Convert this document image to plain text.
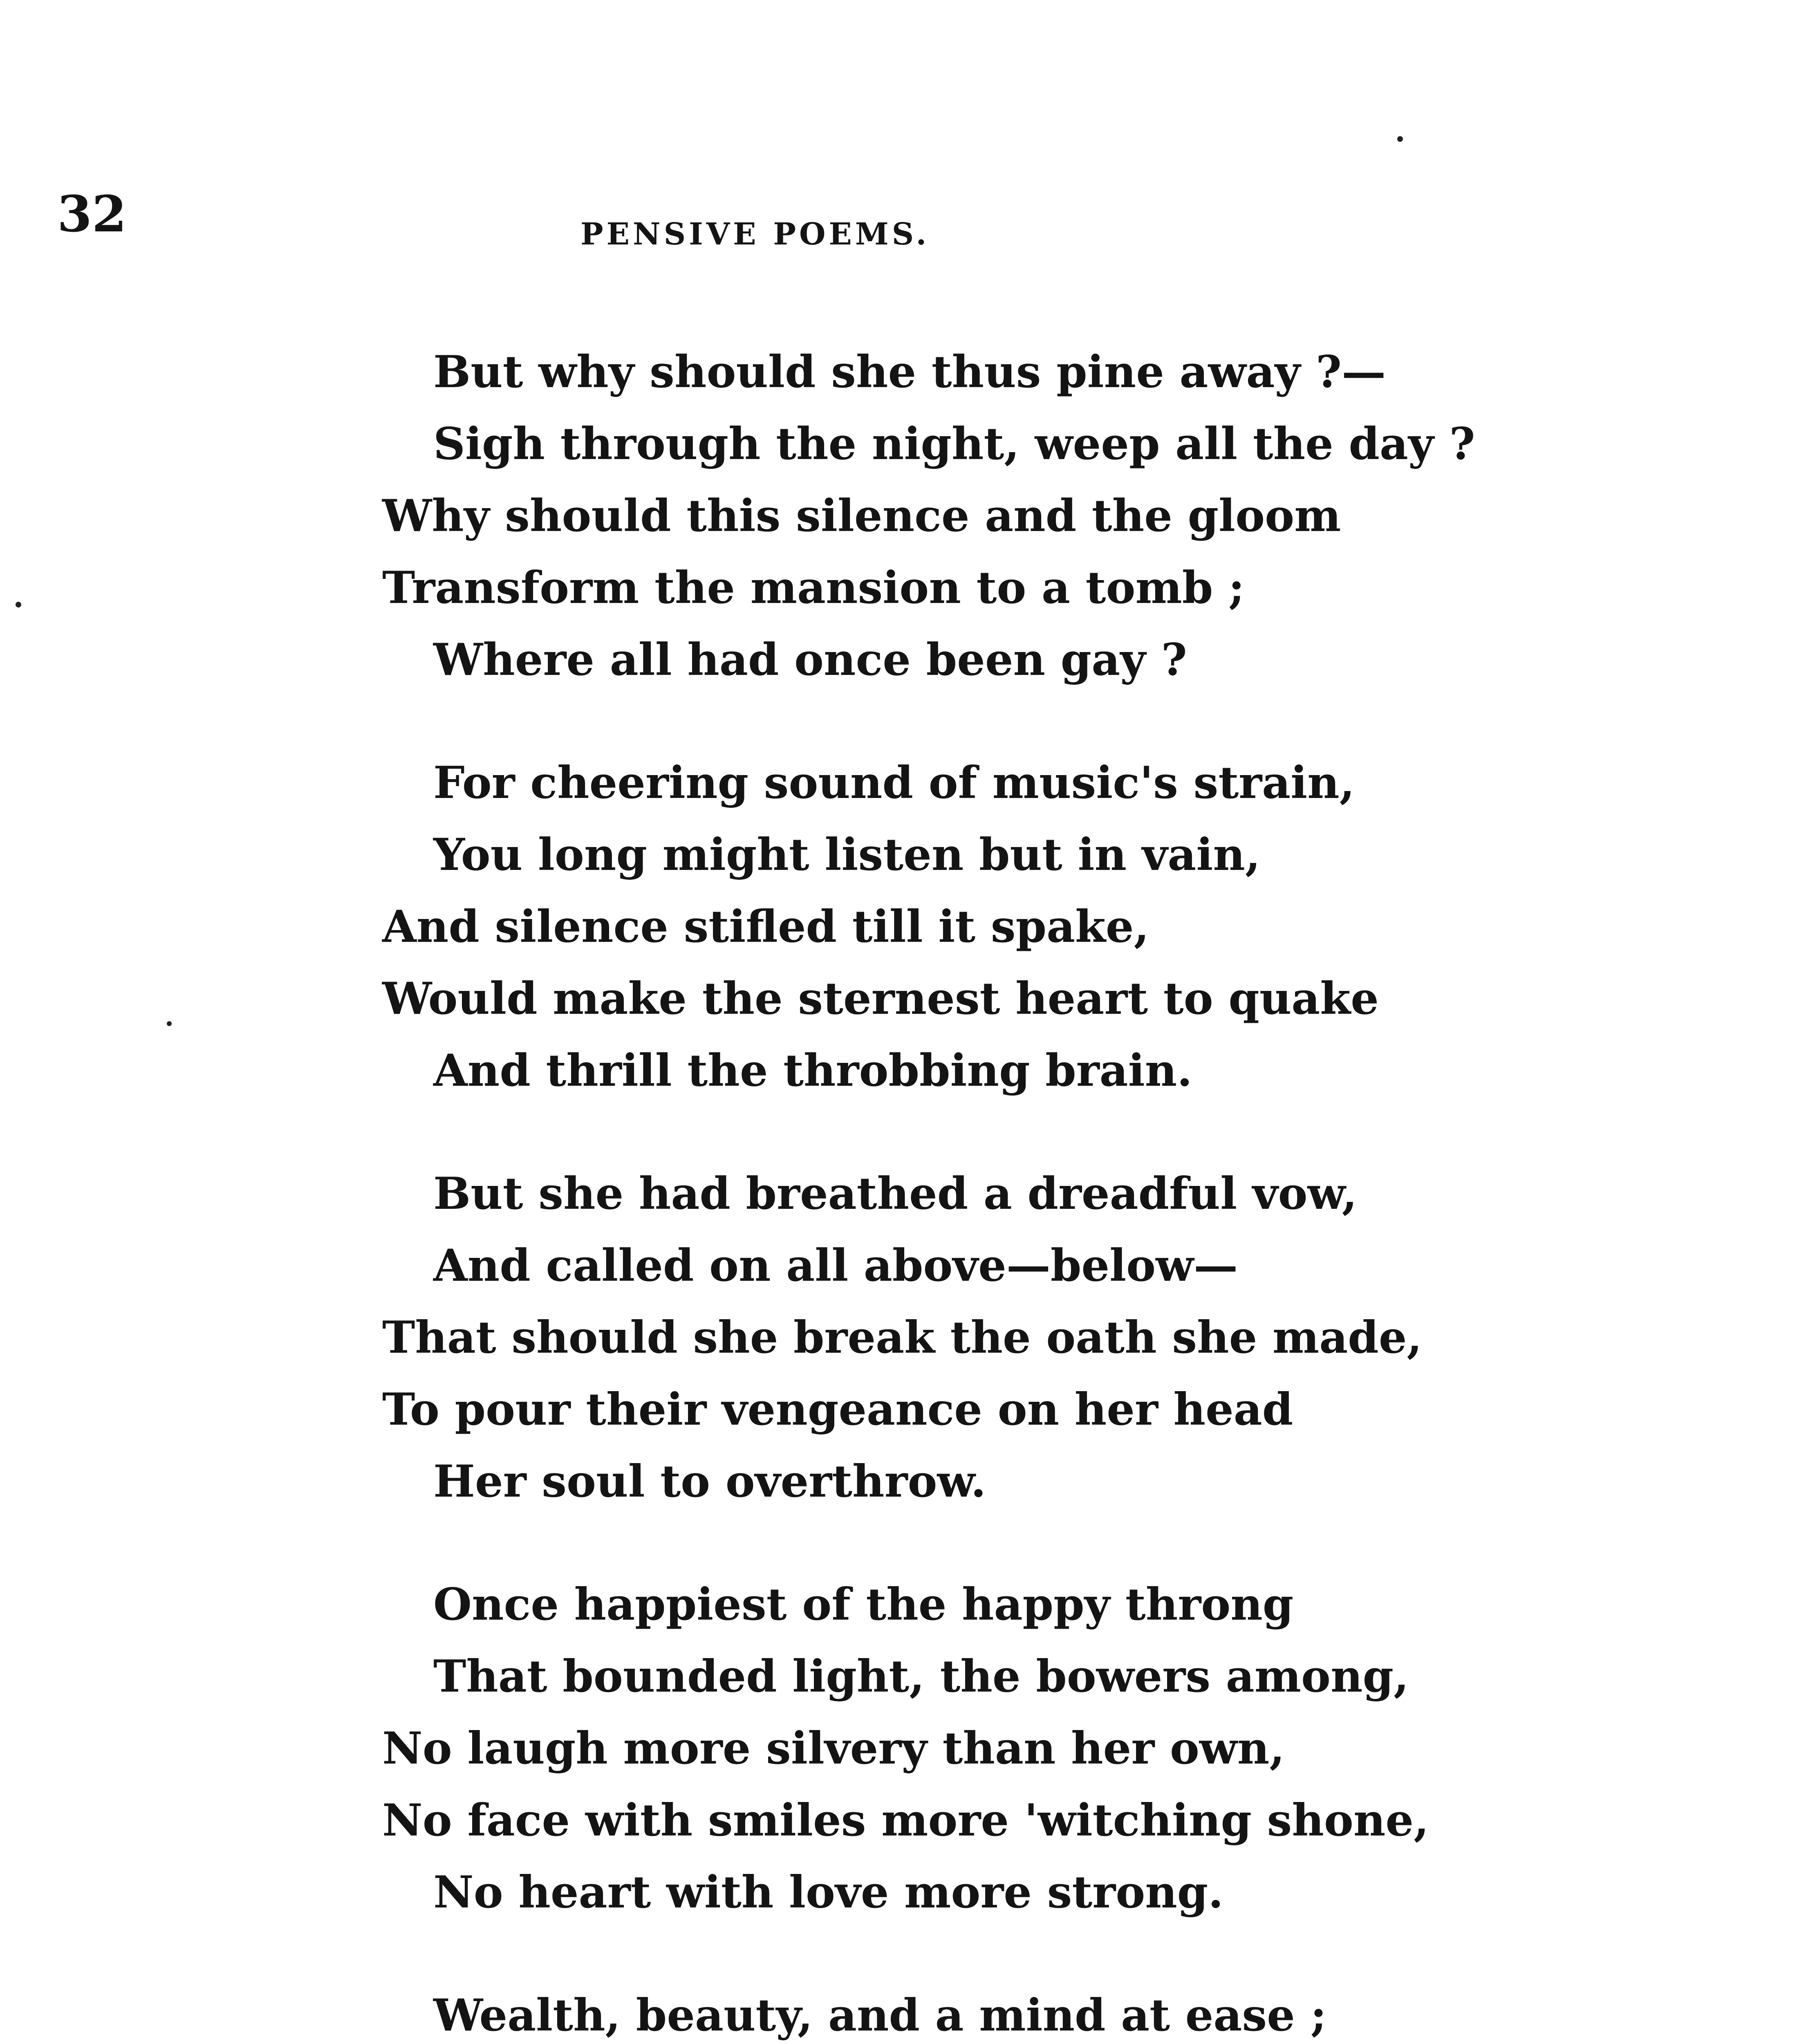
32	PENSIVE POEMS.
But why should she thus pine away ?—
Sigh through the night, weep all the day ?
Why should this silence and the gloom
Transform the mansion to a tomb ;
Where all had once been gay ?
For cheering sound of music's strain,
You long might listen but in vain,
And silence stifled till it spake,
Would make the sternest heart to quake
And thrill the throbbing brain.
But she had breathed a dreadful vow,
And called on all above—below—
That should she break the oath she made,
To pour their vengeance on her head
Her soul to overthrow.
Once happiest of the happy throng
That bounded light, the bowers among,
No laugh more silvery than her own,
No face with smiles more 'witching shone,
No heart with love more strong.
Wealth, beauty, and a mind at ease ;
